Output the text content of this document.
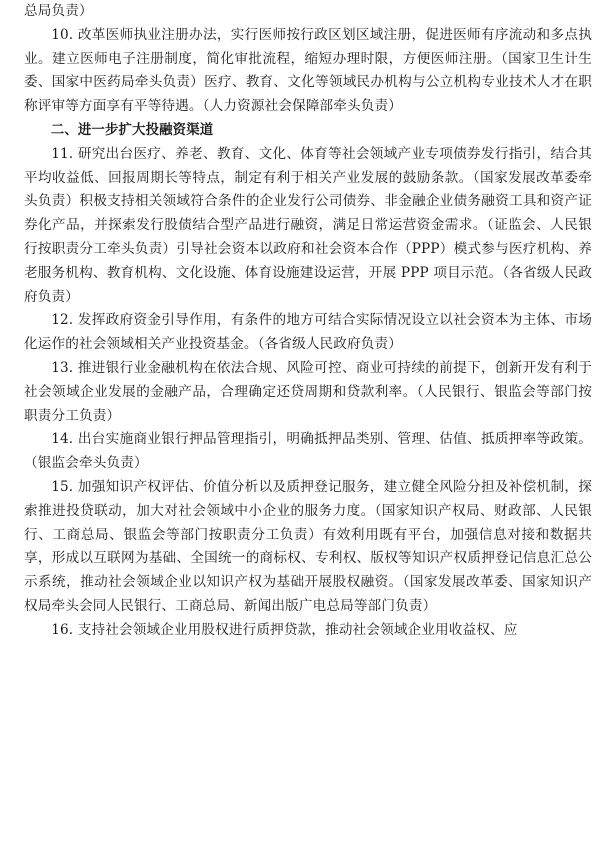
总局负责）

10. 改革医师执业注册办法，实行医师按行政区划区域注册，促进医师有序流动和多点执业。建立医师电子注册制度，简化审批流程，缩短办理时限，方便医师注册。（国家卫生计生委、国家中医药局牵头负责）医疗、教育、文化等领域民办机构与公立机构专业技术人才在职称评审等方面享有平等待遇。（人力资源社会保障部牵头负责）

二、进一步扩大投融资渠道

11. 研究出台医疗、养老、教育、文化、体育等社会领域产业专项债券发行指引，结合其平均收益低、回报周期长等特点，制定有利于相关产业发展的鼓励条款。（国家发展改革委牵头负责）积极支持相关领域符合条件的企业发行公司债券、非金融企业债务融资工具和资产证券化产品，并探索发行股债结合型产品进行融资，满足日常运营资金需求。（证监会、人民银行按职责分工牵头负责）引导社会资本以政府和社会资本合作（PPP）模式参与医疗机构、养老服务机构、教育机构、文化设施、体育设施建设运营，开展 PPP 项目示范。（各省级人民政府负责）

12. 发挥政府资金引导作用，有条件的地方可结合实际情况设立以社会资本为主体、市场化运作的社会领域相关产业投资基金。（各省级人民政府负责）

13. 推进银行业金融机构在依法合规、风险可控、商业可持续的前提下，创新开发有利于社会领域企业发展的金融产品，合理确定还贷周期和贷款利率。（人民银行、银监会等部门按职责分工负责）

14. 出台实施商业银行押品管理指引，明确抵押品类别、管理、估值、抵质押率等政策。（银监会牵头负责）

15. 加强知识产权评估、价值分析以及质押登记服务，建立健全风险分担及补偿机制，探索推进投贷联动，加大对社会领域中小企业的服务力度。（国家知识产权局、财政部、人民银行、工商总局、银监会等部门按职责分工负责）有效利用既有平台，加强信息对接和数据共享，形成以互联网为基础、全国统一的商标权、专利权、版权等知识产权质押登记信息汇总公示系统，推动社会领域企业以知识产权为基础开展股权融资。（国家发展改革委、国家知识产权局牵头会同人民银行、工商总局、新闻出版广电总局等部门负责）

16. 支持社会领域企业用股权进行质押贷款，推动社会领域企业用收益权、应
